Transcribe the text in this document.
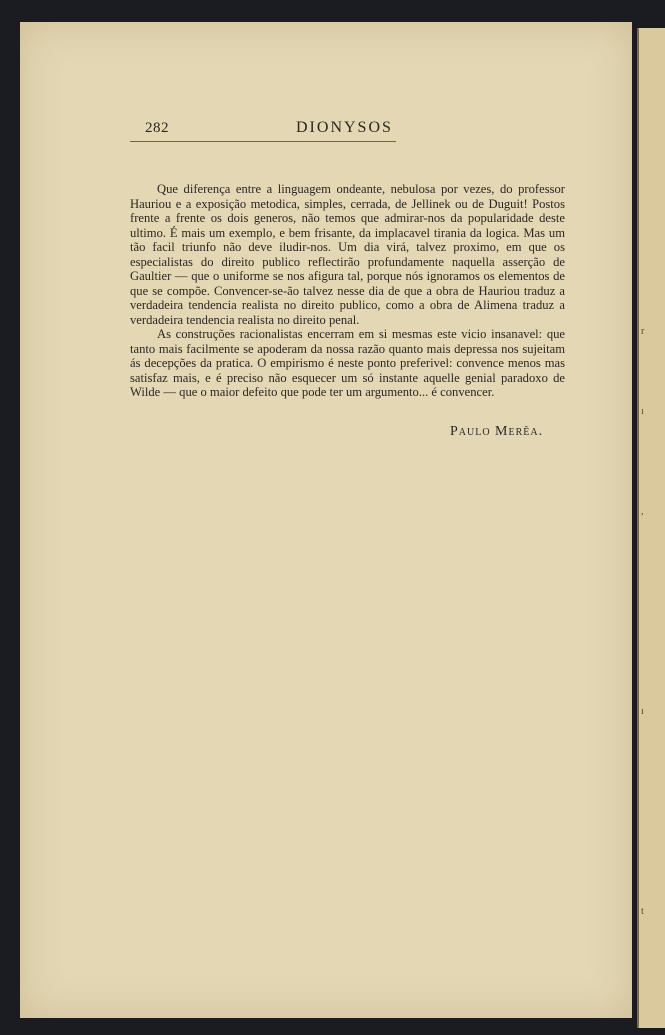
r
ı
,
ı
t
282	DIONYSOS

Que diferença entre a linguagem ondeante, nebulosa por vezes, do professor Hauriou e a exposição metodica, simples, cerrada, de Jellinek ou de Duguit! Postos frente a frente os dois generos, não temos que admirar-nos da popularidade deste ultimo. É mais um exemplo, e bem frisante, da implacavel tirania da logica. Mas um tão facil triunfo não deve iludir-nos. Um dia virá, talvez proximo, em que os especialistas do direito publico reflectirão profundamente naquella asserção de Gaultier — que o uniforme se nos afigura tal, porque nós ignoramos os elementos de que se compõe. Convencer-se-ão talvez nesse dia de que a obra de Hauriou traduz a verdadeira tendencia realista no direito publico, como a obra de Alimena traduz a verdadeira tendencia realista no direito penal.

As construções racionalistas encerram em si mesmas este vicio insanavel: que tanto mais facilmente se apoderam da nossa razão quanto mais depressa nos sujeitam ás decepções da pratica. O empirismo é neste ponto preferivel: convence menos mas satisfaz mais, e é preciso não esquecer um só instante aquelle genial paradoxo de Wilde — que o maior defeito que pode ter um argumento... é convencer.

Paulo Merêa.
